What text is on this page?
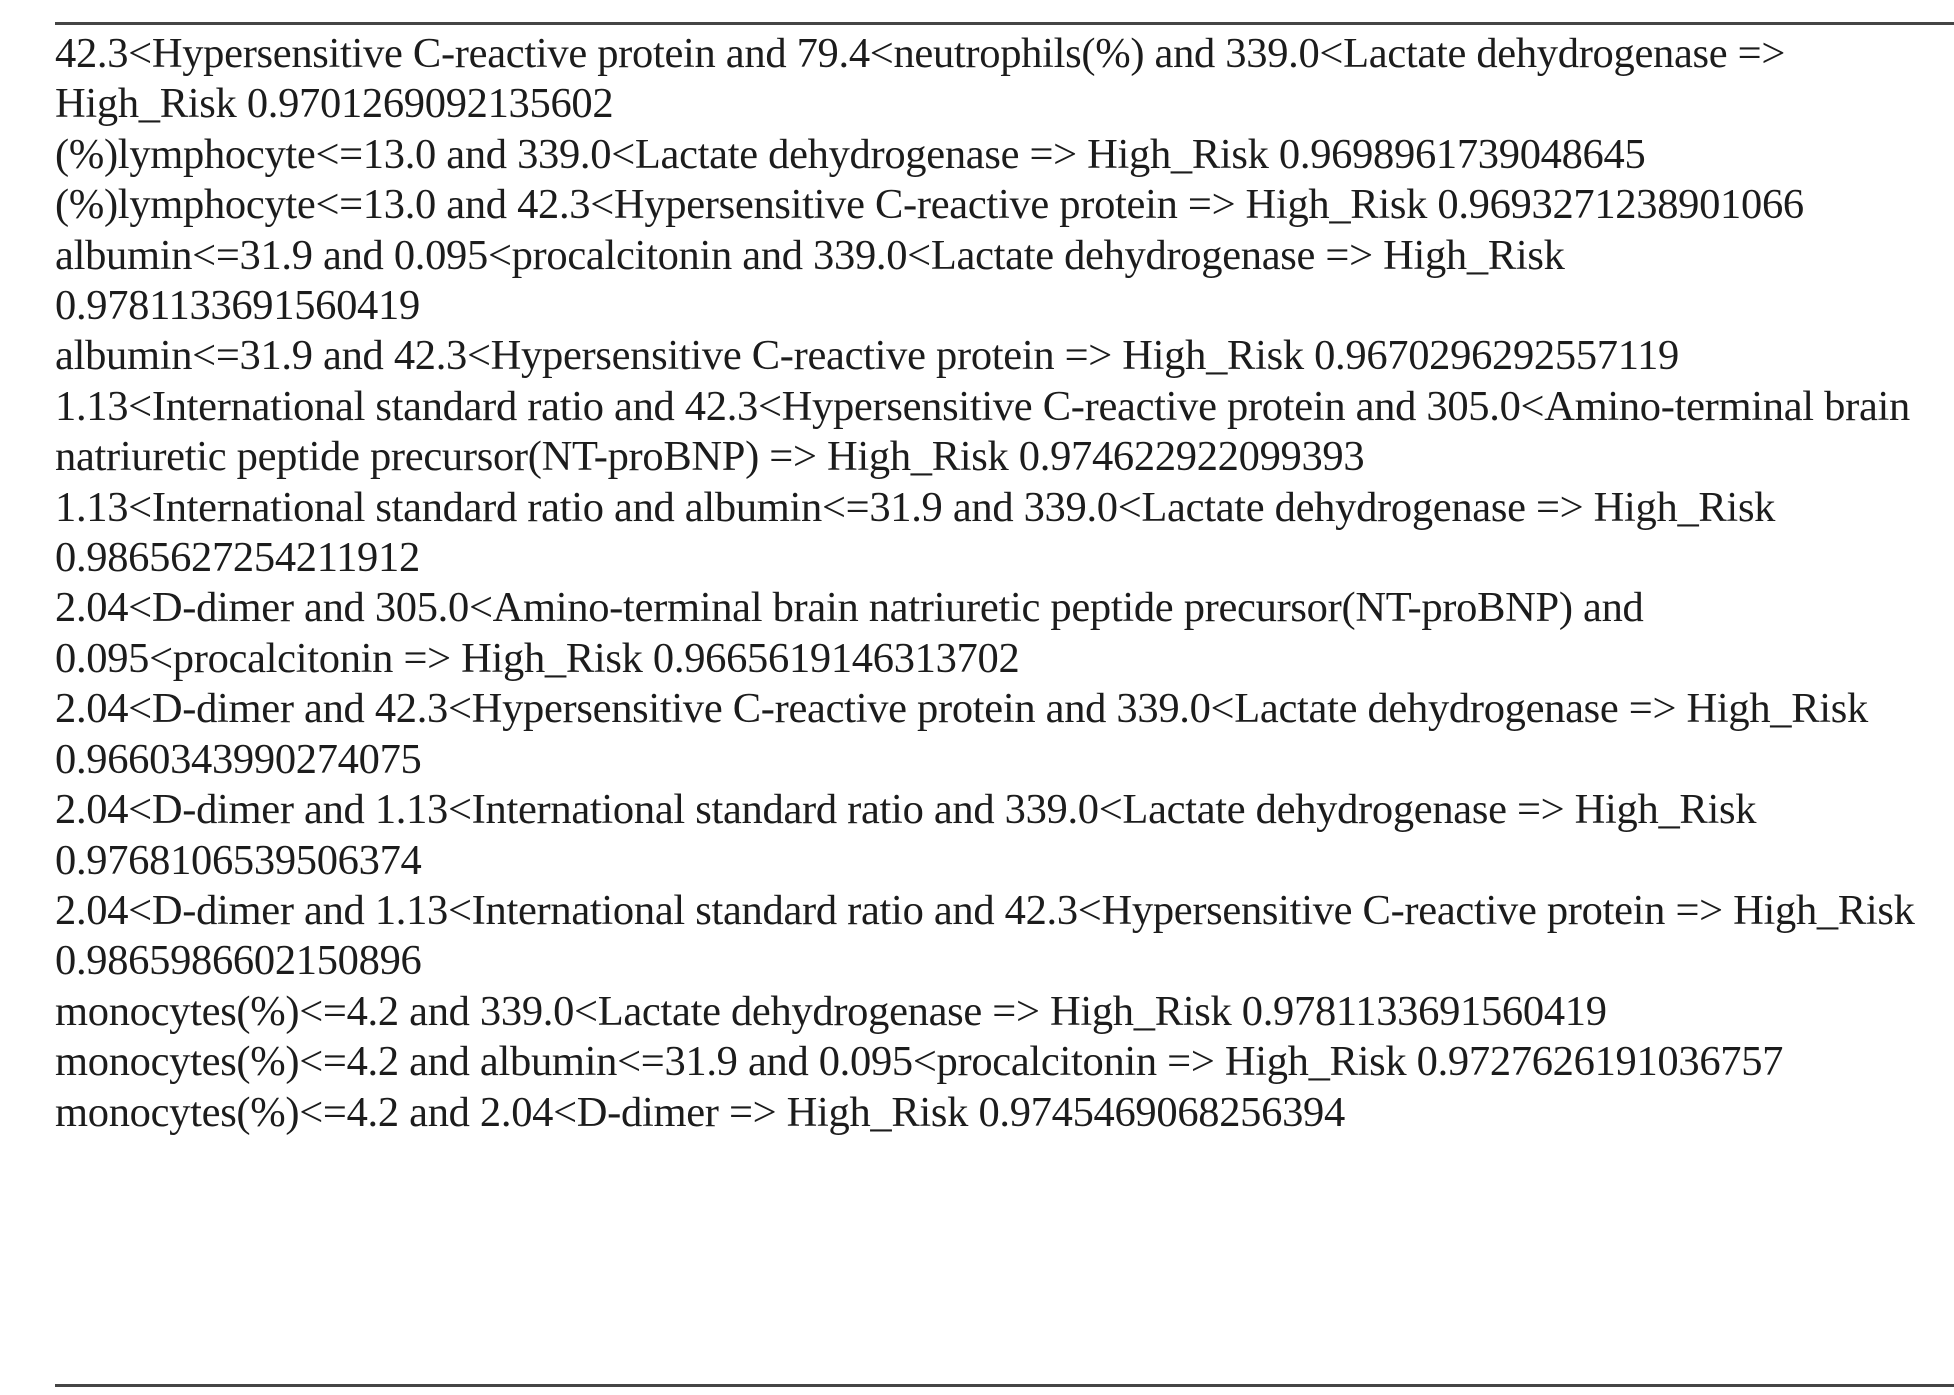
42.3<Hypersensitive C-reactive protein and 79.4<neutrophils(%) and 339.0<Lactate dehydrogenase => High_Risk 0.9701269092135602

(%)lymphocyte<=13.0 and 339.0<Lactate dehydrogenase => High_Risk 0.9698961739048645

(%)lymphocyte<=13.0 and 42.3<Hypersensitive C-reactive protein => High_Risk 0.9693271238901066

albumin<=31.9 and 0.095<procalcitonin and 339.0<Lactate dehydrogenase => High_Risk 0.9781133691560419

albumin<=31.9 and 42.3<Hypersensitive C-reactive protein => High_Risk 0.9670296292557119

1.13<International standard ratio and 42.3<Hypersensitive C-reactive protein and 305.0<Amino-terminal brain natriuretic peptide precursor(NT-proBNP) => High_Risk 0.974622922099393

1.13<International standard ratio and albumin<=31.9 and 339.0<Lactate dehydrogenase => High_Risk 0.9865627254211912

2.04<D-dimer and 305.0<Amino-terminal brain natriuretic peptide precursor(NT-proBNP) and 0.095<procalcitonin => High_Risk 0.9665619146313702

2.04<D-dimer and 42.3<Hypersensitive C-reactive protein and 339.0<Lactate dehydrogenase => High_Risk 0.9660343990274075

2.04<D-dimer and 1.13<International standard ratio and 339.0<Lactate dehydrogenase => High_Risk 0.9768106539506374

2.04<D-dimer and 1.13<International standard ratio and 42.3<Hypersensitive C-reactive protein => High_Risk 0.9865986602150896

monocytes(%)<=4.2 and 339.0<Lactate dehydrogenase => High_Risk 0.9781133691560419

monocytes(%)<=4.2 and albumin<=31.9 and 0.095<procalcitonin => High_Risk 0.9727626191036757

monocytes(%)<=4.2 and 2.04<D-dimer => High_Risk 0.9745469068256394
